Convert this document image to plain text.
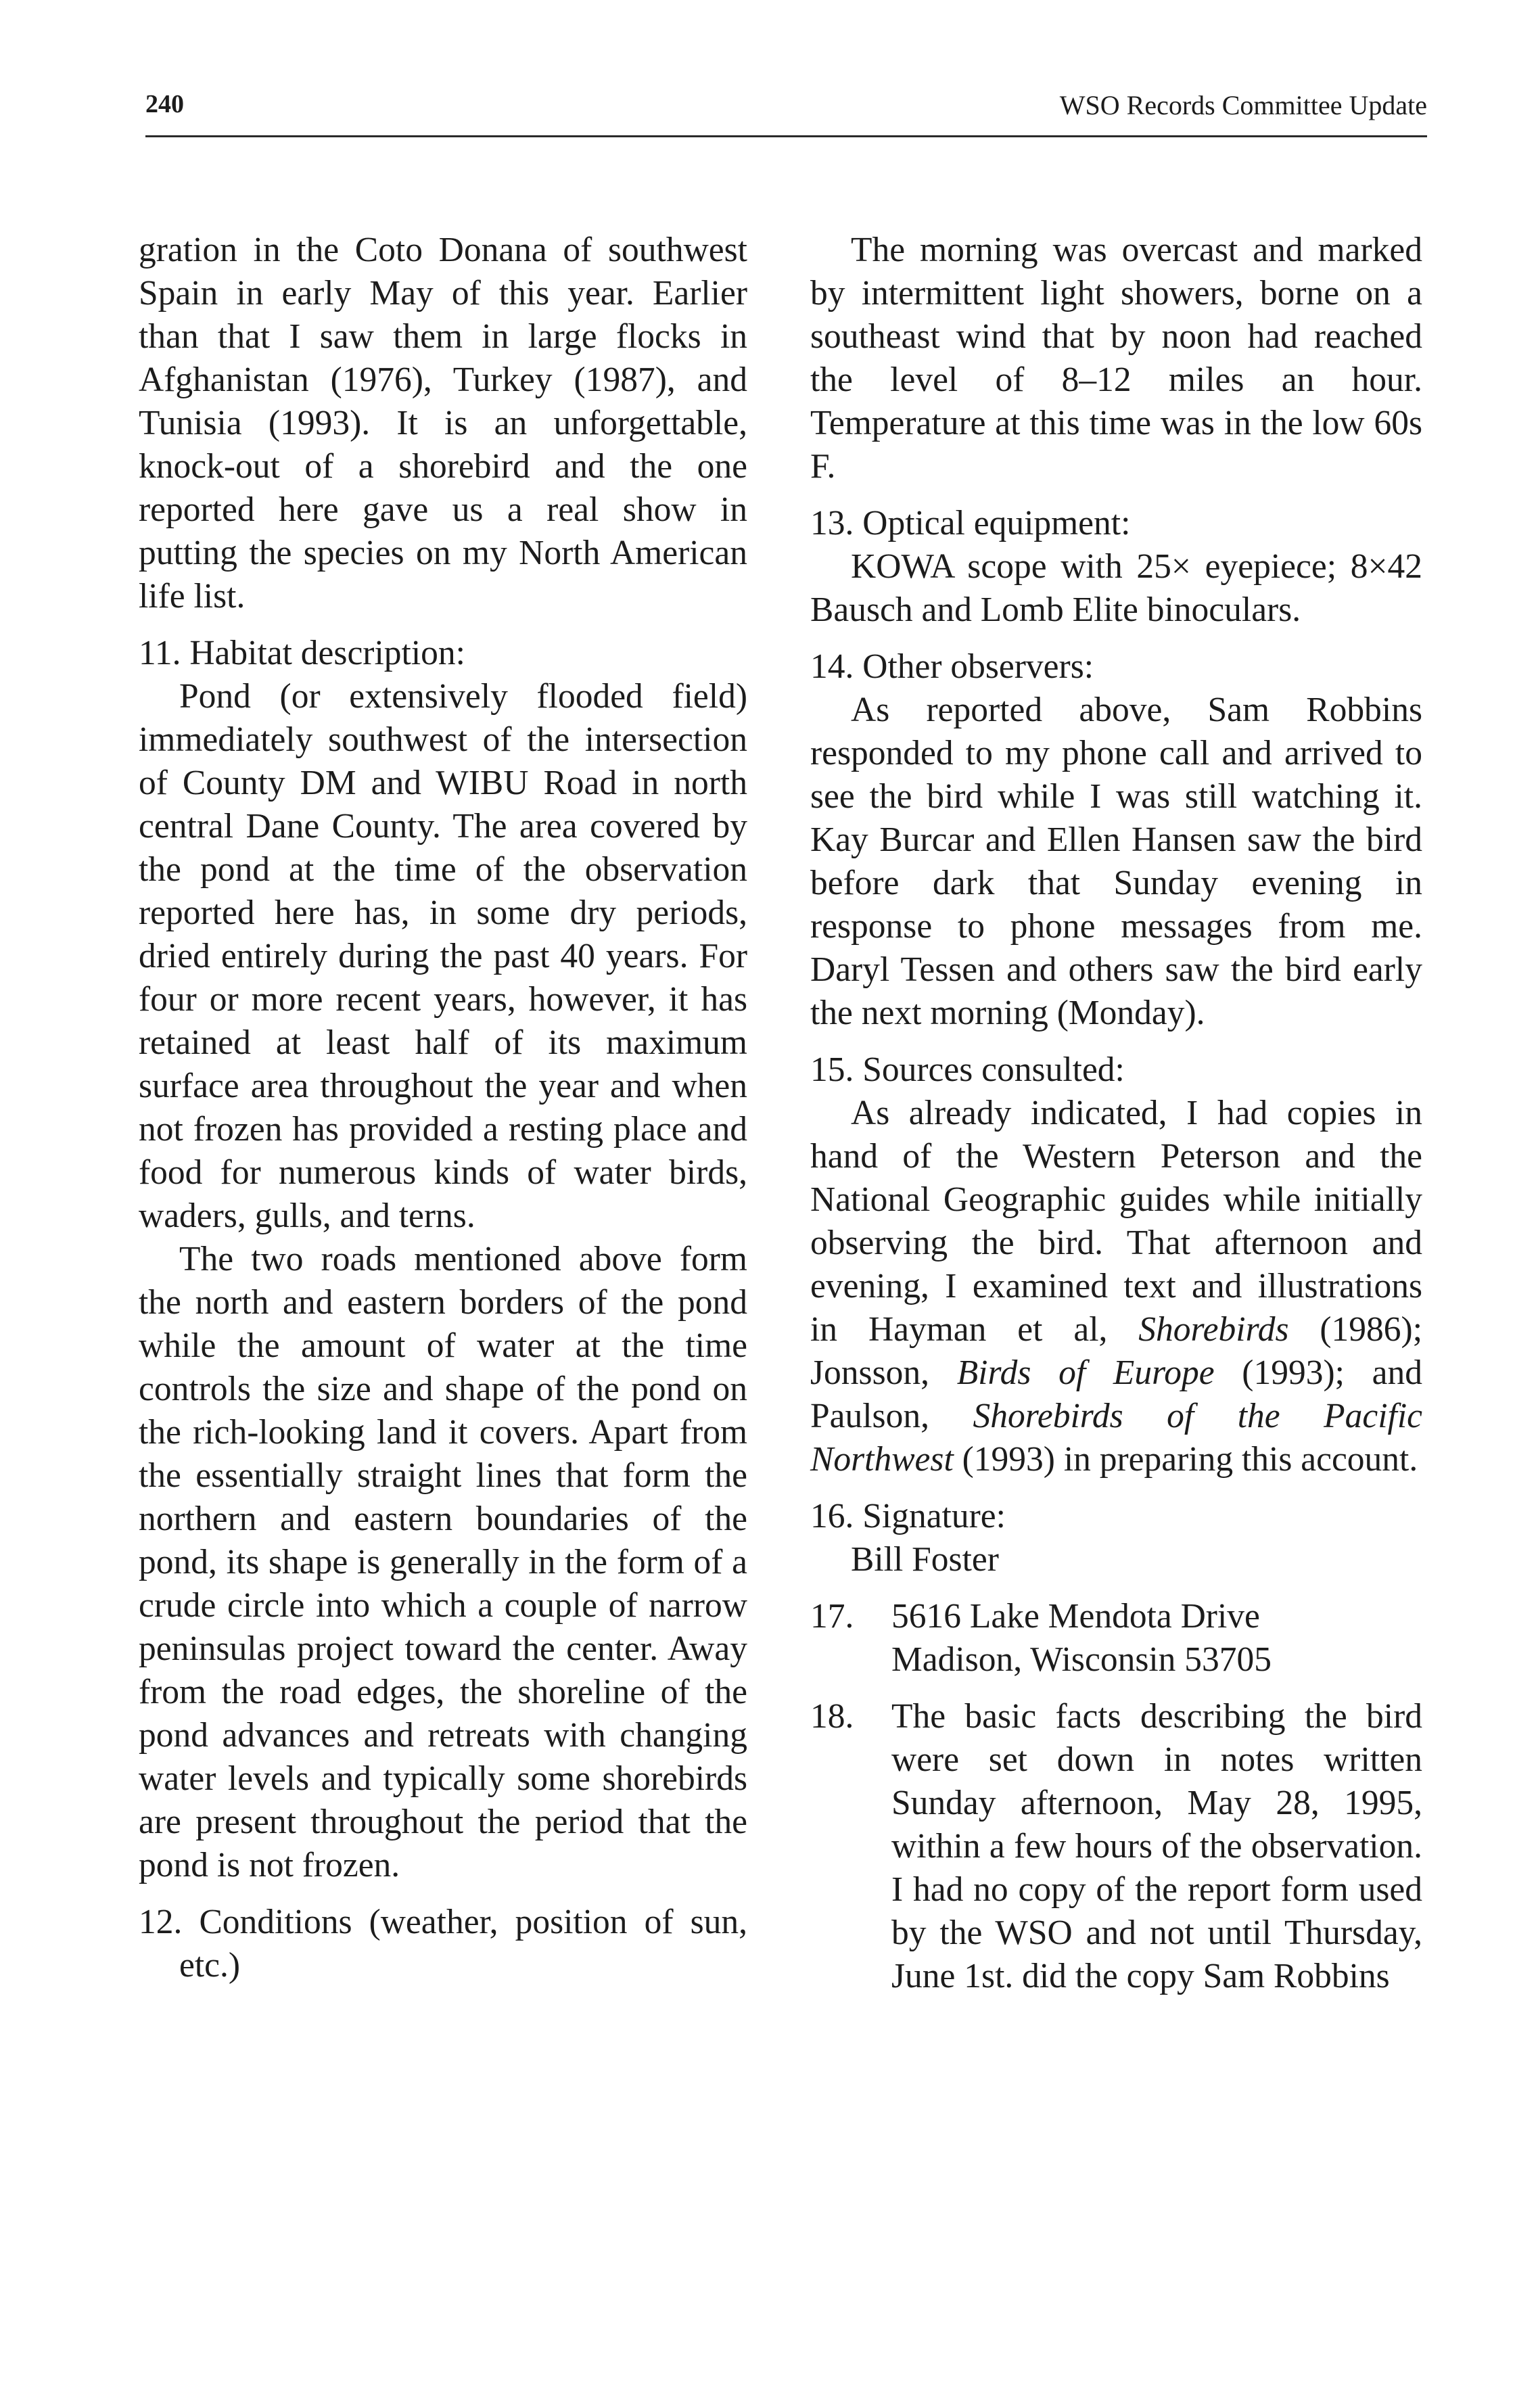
240	WSO Records Committee Update

gration in the Coto Donana of southwest Spain in early May of this year. Earlier than that I saw them in large flocks in Afghanistan (1976), Turkey (1987), and Tunisia (1993). It is an unforgettable, knock-out of a shorebird and the one reported here gave us a real show in putting the species on my North American life list.

11. Habitat description:

Pond (or extensively flooded field) immediately southwest of the intersection of County DM and WIBU Road in north central Dane County. The area covered by the pond at the time of the observation reported here has, in some dry periods, dried entirely during the past 40 years. For four or more recent years, however, it has retained at least half of its maximum surface area throughout the year and when not frozen has provided a resting place and food for numerous kinds of water birds, waders, gulls, and terns.

The two roads mentioned above form the north and eastern borders of the pond while the amount of water at the time controls the size and shape of the pond on the rich-looking land it covers. Apart from the essentially straight lines that form the northern and eastern boundaries of the pond, its shape is generally in the form of a crude circle into which a couple of narrow peninsulas project toward the center. Away from the road edges, the shoreline of the pond advances and retreats with changing water levels and typically some shorebirds are present throughout the period that the pond is not frozen.

12. Conditions (weather, position of sun, etc.)

The morning was overcast and marked by intermittent light showers, borne on a southeast wind that by noon had reached the level of 8–12 miles an hour. Temperature at this time was in the low 60s F.

13. Optical equipment:

KOWA scope with 25× eyepiece; 8×42 Bausch and Lomb Elite binoculars.

14. Other observers:

As reported above, Sam Robbins responded to my phone call and arrived to see the bird while I was still watching it. Kay Burcar and Ellen Hansen saw the bird before dark that Sunday evening in response to phone messages from me. Daryl Tessen and others saw the bird early the next morning (Monday).

15. Sources consulted:

As already indicated, I had copies in hand of the Western Peterson and the National Geographic guides while initially observing the bird. That afternoon and evening, I examined text and illustrations in Hayman et al, Shorebirds (1986); Jonsson, Birds of Europe (1993); and Paulson, Shorebirds of the Pacific Northwest (1993) in preparing this account.

16. Signature:

Bill Foster

17. 5616 Lake Mendota Drive

Madison, Wisconsin 53705

18. The basic facts describing the bird were set down in notes written Sunday afternoon, May 28, 1995, within a few hours of the observation. I had no copy of the report form used by the WSO and not until Thursday, June 1st. did the copy Sam Robbins
